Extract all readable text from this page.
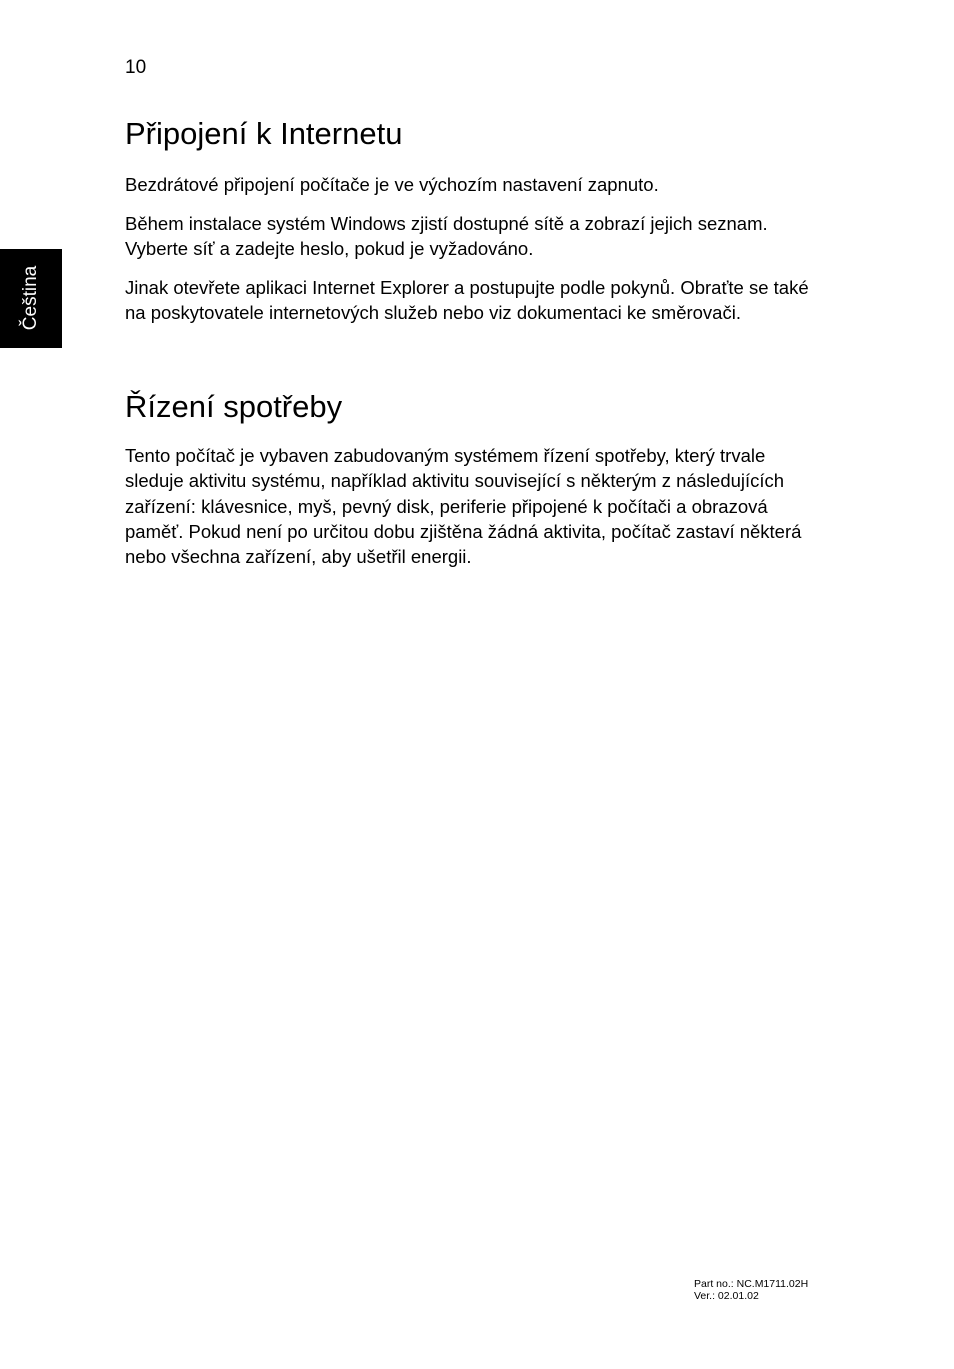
10
Čeština
Připojení k Internetu

Bezdrátové připojení počítače je ve výchozím nastavení zapnuto.

Během instalace systém Windows zjistí dostupné sítě a zobrazí jejich seznam. Vyberte síť a zadejte heslo, pokud je vyžadováno.

Jinak otevřete aplikaci Internet Explorer a postupujte podle pokynů. Obraťte se také na poskytovatele internetových služeb nebo viz dokumentaci ke směrovači.

Řízení spotřeby

Tento počítač je vybaven zabudovaným systémem řízení spotřeby, který trvale sleduje aktivitu systému, například aktivitu související s některým z následujících zařízení: klávesnice, myš, pevný disk, periferie připojené k počítači a obrazová paměť. Pokud není po určitou dobu zjištěna žádná aktivita, počítač zastaví některá nebo všechna zařízení, aby ušetřil energii.

Part no.: NC.M1711.02H
Ver.: 02.01.02
